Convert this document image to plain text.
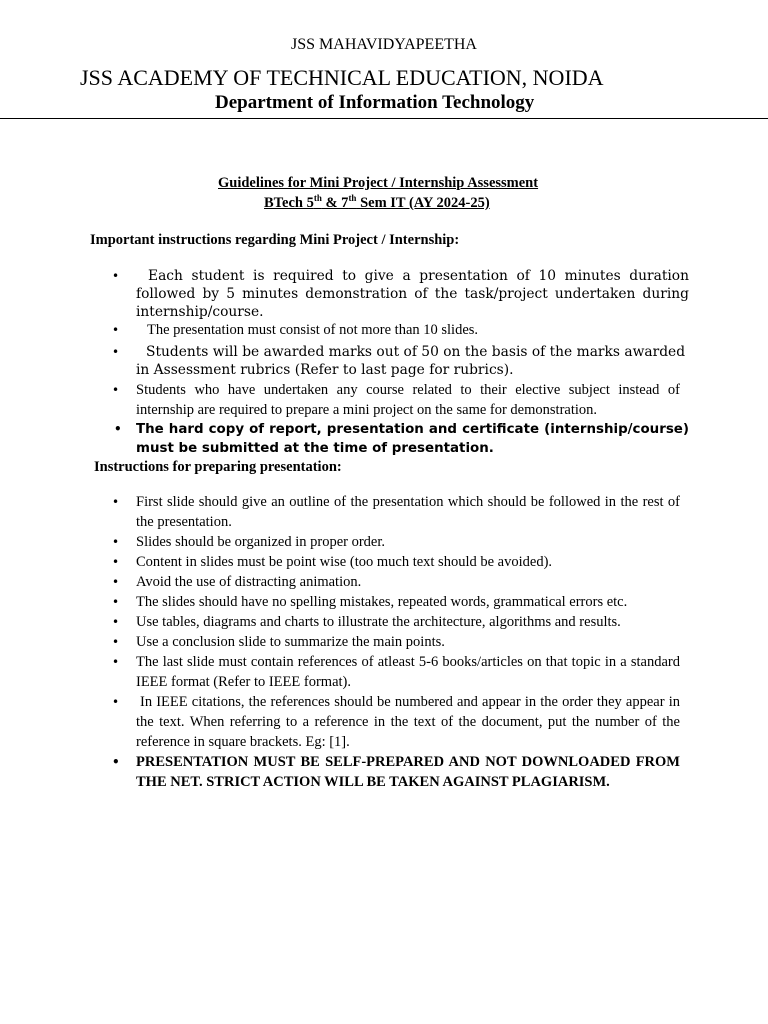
JSS MAHAVIDYAPEETHA
JSS ACADEMY OF TECHNICAL EDUCATION, NOIDA
Department of Information Technology
Guidelines for Mini Project / Internship Assessment
BTech 5th & 7th Sem IT (AY 2024-25)
Important instructions regarding Mini Project / Internship:
•	Each student is required to give a presentation of 10 minutes duration followed by 5 minutes demonstration of the task/project undertaken during internship/course.
•	The presentation must consist of not more than 10 slides.
•	Students will be awarded marks out of 50 on the basis of the marks awarded in Assessment rubrics (Refer to last page for rubrics).
• Students who have undertaken any course related to their elective subject instead of internship are required to prepare a mini project on the same for demonstration.
• The hard copy of report, presentation and certificate (internship/course) must be submitted at the time of presentation.
Instructions for preparing presentation:
• First slide should give an outline of the presentation which should be followed in the rest of the presentation.
• Slides should be organized in proper order.
• Content in slides must be point wise (too much text should be avoided).
• Avoid the use of distracting animation.
• The slides should have no spelling mistakes, repeated words, grammatical errors etc.
• Use tables, diagrams and charts to illustrate the architecture, algorithms and results.
• Use a conclusion slide to summarize the main points.
• The last slide must contain references of atleast 5-6 books/articles on that topic in a standard IEEE format (Refer to IEEE format).
• In IEEE citations, the references should be numbered and appear in the order they appear in the text. When referring to a reference in the text of the document, put the number of the reference in square brackets. Eg: [1].
• PRESENTATION MUST BE SELF-PREPARED AND NOT DOWNLOADED FROM THE NET. STRICT ACTION WILL BE TAKEN AGAINST PLAGIARISM.
